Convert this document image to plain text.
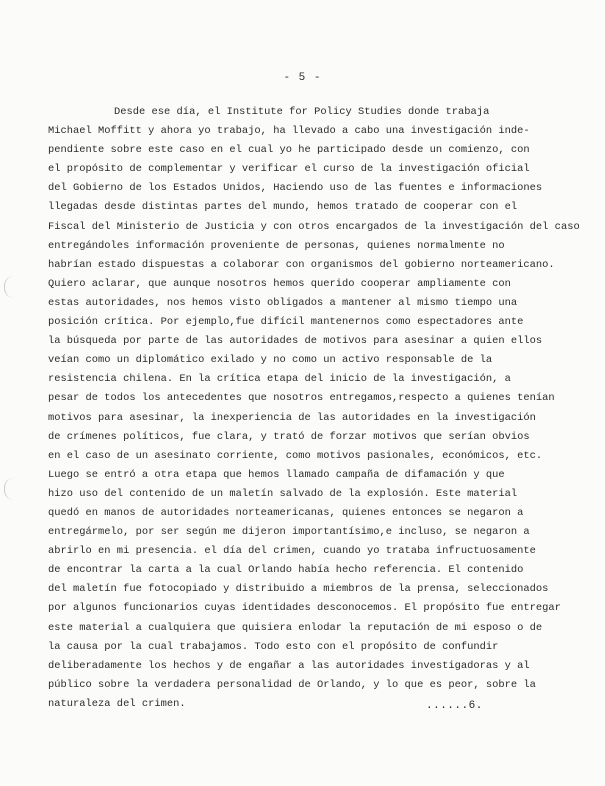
- 5 -
Desde ese día, el Institute for Policy Studies donde trabaja
Michael Moffitt y ahora yo trabajo, ha llevado a cabo una investigación inde-
pendiente sobre este caso en el cual yo he participado desde un comienzo, con
el propósito de complementar y verificar el curso de la investigación oficial
del Gobierno de los Estados Unidos, Haciendo uso de las fuentes e informaciones
llegadas desde distintas partes del mundo, hemos tratado de cooperar con el
Fiscal del Ministerio de Justicia y con otros encargados de la investigación del caso
entregándoles información proveniente de personas, quienes normalmente no
habrían estado dispuestas a colaborar con organismos del gobierno norteamericano.
Quiero aclarar, que aunque nosotros hemos querido cooperar ampliamente con
estas autoridades, nos hemos visto obligados a mantener al mismo tiempo una
posición crítica. Por ejemplo,fue difícil mantenernos como espectadores ante
la búsqueda por parte de las autoridades de motivos para asesinar a quien ellos
veían como un diplomático exilado y no como un activo responsable de la
resistencia chilena. En la crítica etapa del inicio de la investigación, a
pesar de todos los antecedentes que nosotros entregamos,respecto a quienes tenían
motivos para asesinar, la inexperiencia de las autoridades en la investigación
de crímenes políticos, fue clara, y trató de forzar motivos que serían obvios
en el caso de un asesinato corriente, como motivos pasionales, económicos, etc.
Luego se entró a otra etapa que hemos llamado campaña de difamación y que
hizo uso del contenido de un maletín salvado de la explosión. Este material
quedó en manos de autoridades norteamericanas, quienes entonces se negaron a
entregármelo, por ser según me dijeron importantísimo,e incluso, se negaron a
abrirlo en mi presencia. el día del crimen, cuando yo trataba infructuosamente
de encontrar la carta a la cual Orlando había hecho referencia. El contenido
del maletín fue fotocopiado y distribuido a miembros de la prensa, seleccionados
por algunos funcionarios cuyas identidades desconocemos. El propósito fue entregar
este material a cualquiera que quisiera enlodar la reputación de mi esposo o de
la causa por la cual trabajamos. Todo esto con el propósito de confundir
deliberadamente los hechos y de engañar a las autoridades investigadoras y al
público sobre la verdadera personalidad de Orlando, y lo que es peor, sobre la
naturaleza del crimen.	......6.
